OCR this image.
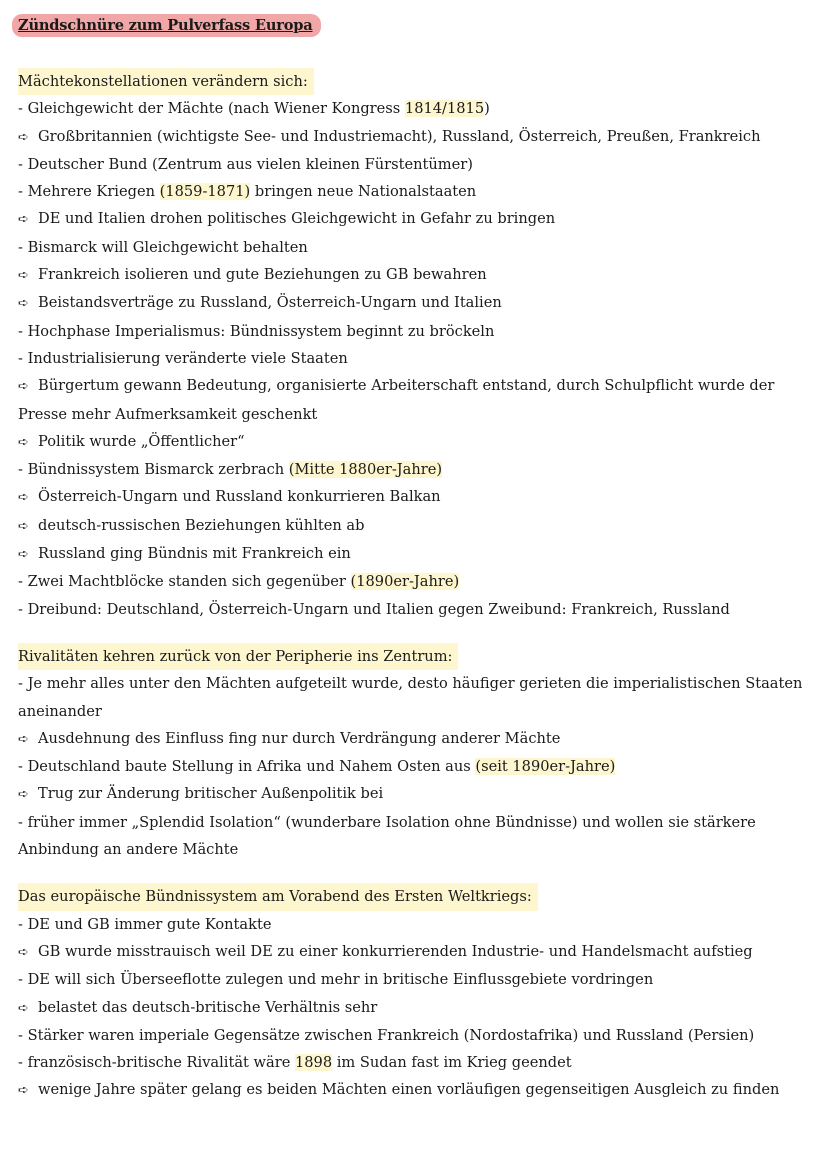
Zündschnüre zum Pulverfass Europa
Mächtekonstellationen verändern sich:
- Gleichgewicht der Mächte (nach Wiener Kongress 1814/1815)
➪ Großbritannien (wichtigste See- und Industriemacht), Russland, Österreich, Preußen, Frankreich
- Deutscher Bund (Zentrum aus vielen kleinen Fürstentümer)
- Mehrere Kriegen (1859-1871) bringen neue Nationalstaaten
➪ DE und Italien drohen politisches Gleichgewicht in Gefahr zu bringen
- Bismarck will Gleichgewicht behalten
➪ Frankreich isolieren und gute Beziehungen zu GB bewahren
➪ Beistandsverträge zu Russland, Österreich-Ungarn und Italien
- Hochphase Imperialismus: Bündnissystem beginnt zu bröckeln
- Industrialisierung veränderte viele Staaten
➪ Bürgertum gewann Bedeutung, organisierte Arbeiterschaft entstand, durch Schulpflicht wurde der Presse mehr Aufmerksamkeit geschenkt
➪ Politik wurde „Öffentlicher“
- Bündnissystem Bismarck zerbrach (Mitte 1880er-Jahre)
➪ Österreich-Ungarn und Russland konkurrieren Balkan
➪ deutsch-russischen Beziehungen kühlten ab
➪ Russland ging Bündnis mit Frankreich ein
- Zwei Machtblöcke standen sich gegenüber (1890er-Jahre)
- Dreibund: Deutschland, Österreich-Ungarn und Italien gegen Zweibund: Frankreich, Russland
Rivalitäten kehren zurück von der Peripherie ins Zentrum:
- Je mehr alles unter den Mächten aufgeteilt wurde, desto häufiger gerieten die imperialistischen Staaten aneinander
➪ Ausdehnung des Einfluss fing nur durch Verdrängung anderer Mächte
- Deutschland baute Stellung in Afrika und Nahem Osten aus (seit 1890er-Jahre)
➪ Trug zur Änderung britischer Außenpolitik bei
- früher immer „Splendid Isolation“ (wunderbare Isolation ohne Bündnisse) und wollen sie stärkere Anbindung an andere Mächte
Das europäische Bündnissystem am Vorabend des Ersten Weltkriegs:
- DE und GB immer gute Kontakte
➪ GB wurde misstrauisch weil DE zu einer konkurrierenden Industrie- und Handelsmacht aufstieg
- DE will sich Überseeflotte zulegen und mehr in britische Einflussgebiete vordringen
➪ belastet das deutsch-britische Verhältnis sehr
- Stärker waren imperiale Gegensätze zwischen Frankreich (Nordostafrika) und Russland (Persien)
- französisch-britische Rivalität wäre 1898 im Sudan fast im Krieg geendet
➪ wenige Jahre später gelang es beiden Mächten einen vorläufigen gegenseitigen Ausgleich zu finden
